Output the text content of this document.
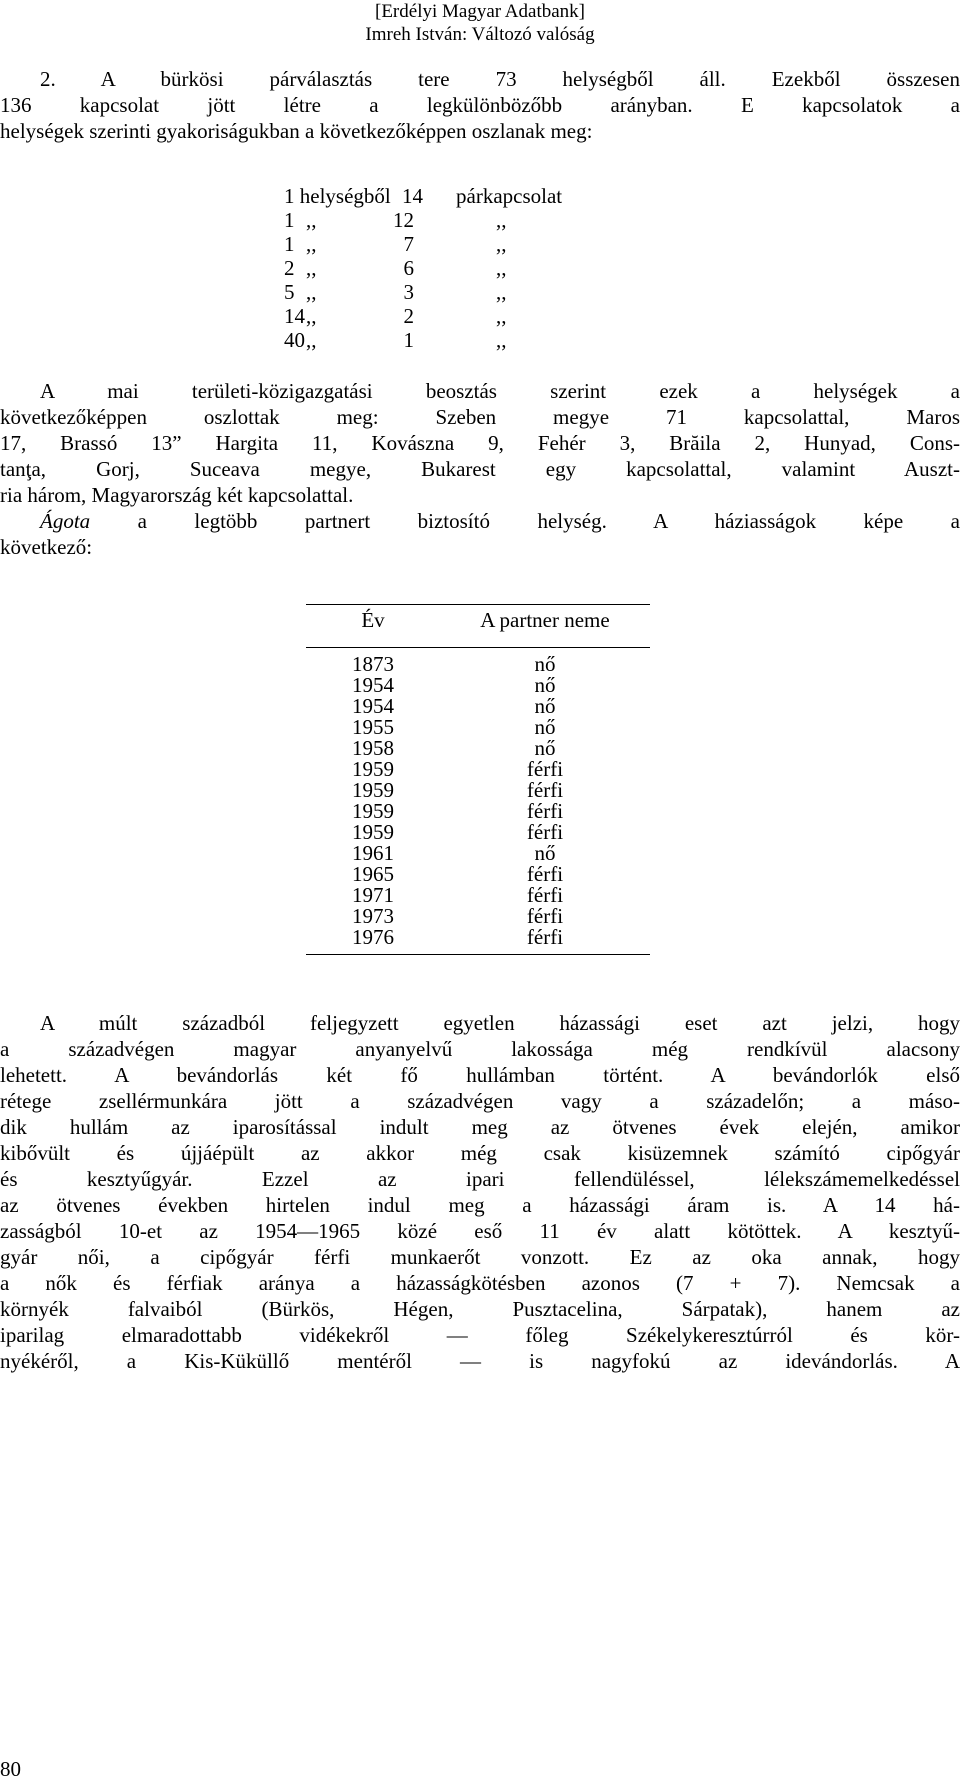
[Erdélyi Magyar Adatbank]
Imreh István: Változó valóság
2. A bürkösi párválasztás tere 73 helységből áll. Ezekből összesen
136 kapcsolat jött létre a legkülönbözőbb arányban. E kapcsolatok a
helységek szerinti gyakoriságukban a következőképpen oszlanak meg:
1 helységből 14 párkapcsolat
1 ,,	12	,,
1 ,,	7	,,
2 ,,	6	,,
5 ,,	3	,,
14 ,,	2	,,
40 ,,	1	,,
A mai területi-közigazgatási beosztás szerint ezek a helységek a
következőképpen oszlottak meg: Szeben megye 71 kapcsolattal, Maros
17, Brassó 13” Hargita 11, Kovászna 9, Fehér 3, Brăila 2, Hunyad, Cons-
tanţa, Gorj, Suceava megye, Bukarest egy kapcsolattal, valamint Auszt-
ria három, Magyarország két kapcsolattal.
Ágota a legtöbb partnert biztosító helység. A háziasságok képe a
következő:
Év	A partner neme
1873	nő
1954	nő
1954	nő
1955	nő
1958	nő
1959	férfi
1959	férfi
1959	férfi
1959	férfi
1961	nő
1965	férfi
1971	férfi
1973	férfi
1976	férfi
A múlt századból feljegyzett egyetlen házassági eset azt jelzi, hogy
a századvégen magyar anyanyelvű lakossága még rendkívül alacsony
lehetett. A bevándorlás két fő hullámban történt. A bevándorlók első
rétege zsellérmunkára jött a századvégen vagy a századelőn; a máso-
dik hullám az iparosítással indult meg az ötvenes évek elején, amikor
kibővült és újjáépült az akkor még csak kisüzemnek számító cipőgyár
és kesztyűgyár. Ezzel az ipari fellendüléssel, lélekszámemelkedéssel
az ötvenes években hirtelen indul meg a házassági áram is. A 14 há-
zasságból 10-et az 1954—1965 közé eső 11 év alatt kötöttek. A kesztyű-
gyár női, a cipőgyár férfi munkaerőt vonzott. Ez az oka annak, hogy
a nők és férfiak aránya a házasságkötésben azonos (7 + 7). Nemcsak a
környék falvaiból (Bürkös, Hégen, Pusztacelina, Sárpatak), hanem az
iparilag elmaradottabb vidékekről — főleg Székelykeresztúrról és kör-
nyékéről, a Kis-Küküllő mentéről — is nagyfokú az idevándorlás. A
80
